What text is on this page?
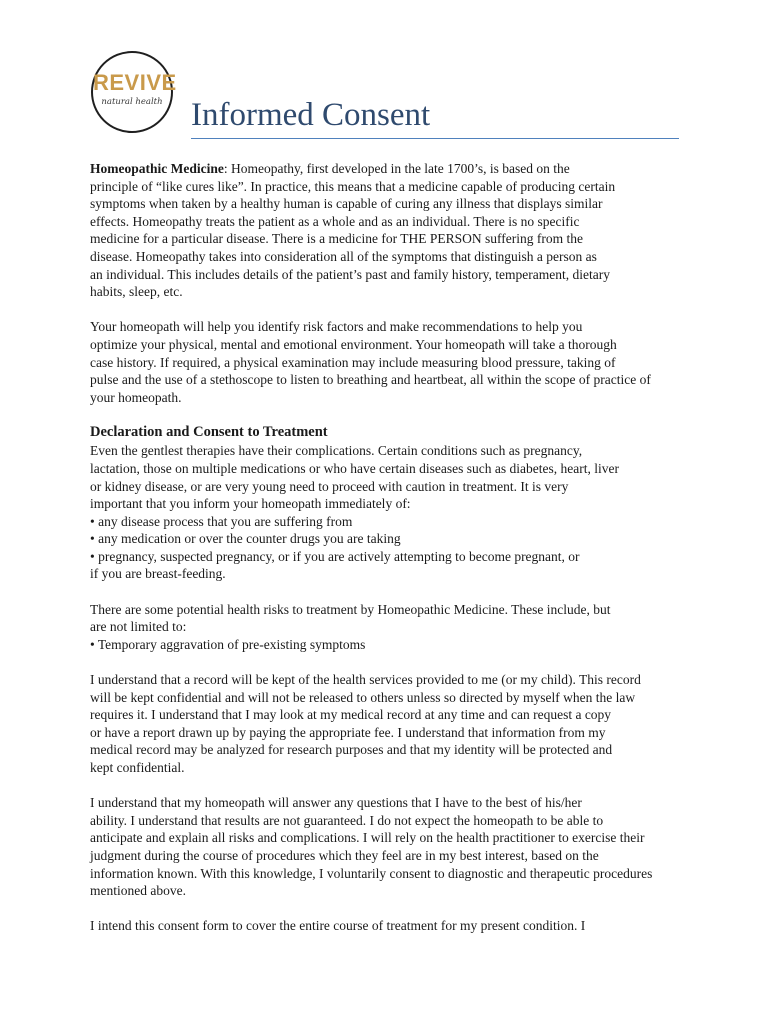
REVIVE
natural health Informed Consent

Homeopathic Medicine: Homeopathy, first developed in the late 1700’s, is based on the
principle of “like cures like”. In practice, this means that a medicine capable of producing certain
symptoms when taken by a healthy human is capable of curing any illness that displays similar
effects. Homeopathy treats the patient as a whole and as an individual. There is no specific
medicine for a particular disease. There is a medicine for THE PERSON suffering from the
disease. Homeopathy takes into consideration all of the symptoms that distinguish a person as
an individual. This includes details of the patient’s past and family history, temperament, dietary
habits, sleep, etc.

Your homeopath will help you identify risk factors and make recommendations to help you
optimize your physical, mental and emotional environment. Your homeopath will take a thorough
case history. If required, a physical examination may include measuring blood pressure, taking of
pulse and the use of a stethoscope to listen to breathing and heartbeat, all within the scope of practice of
your homeopath.

Declaration and Consent to Treatment

Even the gentlest therapies have their complications. Certain conditions such as pregnancy,
lactation, those on multiple medications or who have certain diseases such as diabetes, heart, liver
or kidney disease, or are very young need to proceed with caution in treatment. It is very
important that you inform your homeopath immediately of:

• any disease process that you are suffering from

• any medication or over the counter drugs you are taking

• pregnancy, suspected pregnancy, or if you are actively attempting to become pregnant, or

if you are breast-feeding.

There are some potential health risks to treatment by Homeopathic Medicine. These include, but
are not limited to:

• Temporary aggravation of pre-existing symptoms

I understand that a record will be kept of the health services provided to me (or my child). This record
will be kept confidential and will not be released to others unless so directed by myself when the law
requires it. I understand that I may look at my medical record at any time and can request a copy
or have a report drawn up by paying the appropriate fee. I understand that information from my
medical record may be analyzed for research purposes and that my identity will be protected and
kept confidential.

I understand that my homeopath will answer any questions that I have to the best of his/her
ability. I understand that results are not guaranteed. I do not expect the homeopath to be able to
anticipate and explain all risks and complications. I will rely on the health practitioner to exercise their
judgment during the course of procedures which they feel are in my best interest, based on the
information known. With this knowledge, I voluntarily consent to diagnostic and therapeutic procedures
mentioned above.

I intend this consent form to cover the entire course of treatment for my present condition. I
